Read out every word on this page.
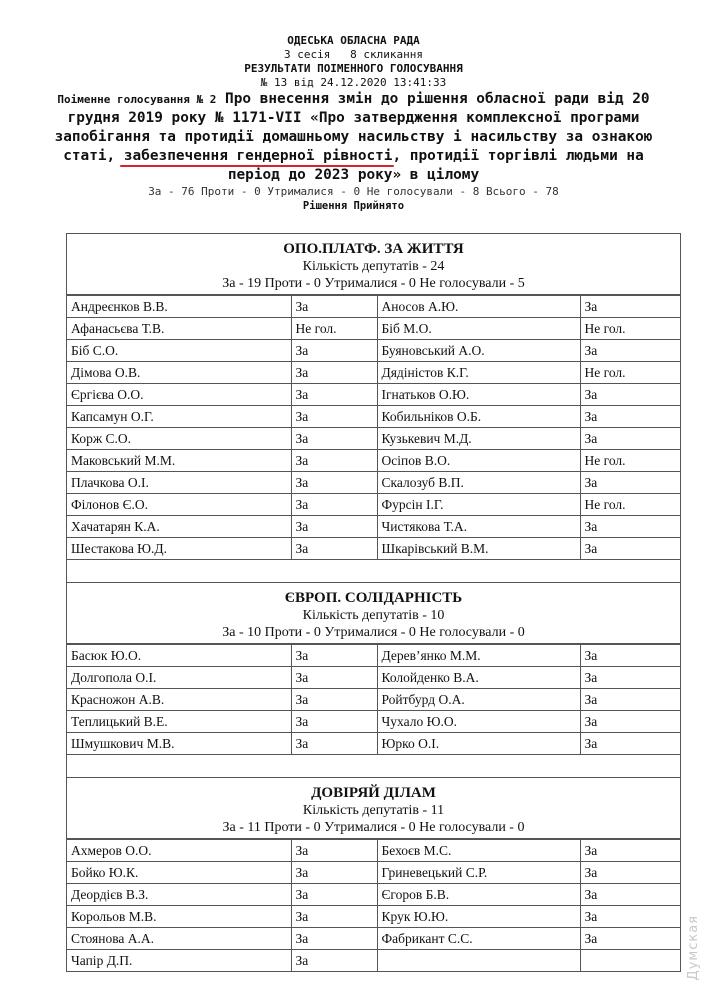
ОДЕСЬКА ОБЛАСНА РАДА
3 сесія   8 скликання
РЕЗУЛЬТАТИ ПОІМЕННОГО ГОЛОСУВАННЯ
№ 13 від 24.12.2020 13:41:33
Поіменне голосування № 2 Про внесення змін до рішення обласної ради від 20 грудня 2019 року № 1171-VII «Про затвердження комплексної програми запобігання та протидії домашньому насильству і насильству за ознакою статі, забезпечення гендерної рівності, протидії торгівлі людьми на період до 2023 року» в цілому
За - 76 Проти - 0 Утрималися - 0 Не голосували - 8 Всього - 78
Рішення Прийнято
ОПО.ПЛАТФ. ЗА ЖИТТЯ
Кількість депутатів - 24
За - 19 Проти - 0 Утрималися - 0 Не голосували - 5
Андреєнков В.В.	За	Аносов А.Ю.	За
Афанасьєва Т.В.	Не гол.	Біб М.О.	Не гол.
Біб С.О.	За	Буяновський А.О.	За
Дімова О.В.	За	Дядіністов К.Г.	Не гол.
Єргієва О.О.	За	Ігнатьков О.Ю.	За
Капсамун О.Г.	За	Кобильніков О.Б.	За
Корж С.О.	За	Кузькевич М.Д.	За
Маковський М.М.	За	Осіпов В.О.	Не гол.
Плачкова О.І.	За	Скалозуб В.П.	За
Філонов Є.О.	За	Фурсін І.Г.	Не гол.
Хачатарян К.А.	За	Чистякова Т.А.	За
Шестакова Ю.Д.	За	Шкарівський В.М.	За
ЄВРОП. СОЛІДАРНІСТЬ
Кількість депутатів - 10
За - 10 Проти - 0 Утрималися - 0 Не голосували - 0
Басюк Ю.О.	За	Дерев’янко М.М.	За
Долгопола О.І.	За	Колойденко В.А.	За
Красножон А.В.	За	Ройтбурд О.А.	За
Теплицький В.Е.	За	Чухало Ю.О.	За
Шмушкович М.В.	За	Юрко О.І.	За
ДОВІРЯЙ ДІЛАМ
Кількість депутатів - 11
За - 11 Проти - 0 Утрималися - 0 Не голосували - 0
Ахмеров О.О.	За	Бехоєв М.С.	За
Бойко Ю.К.	За	Гриневецький С.Р.	За
Деордієв В.З.	За	Єгоров Б.В.	За
Корольов М.В.	За	Крук Ю.Ю.	За
Стоянова А.А.	За	Фабрикант С.С.	За
Чапір Д.П.	За			Думская
